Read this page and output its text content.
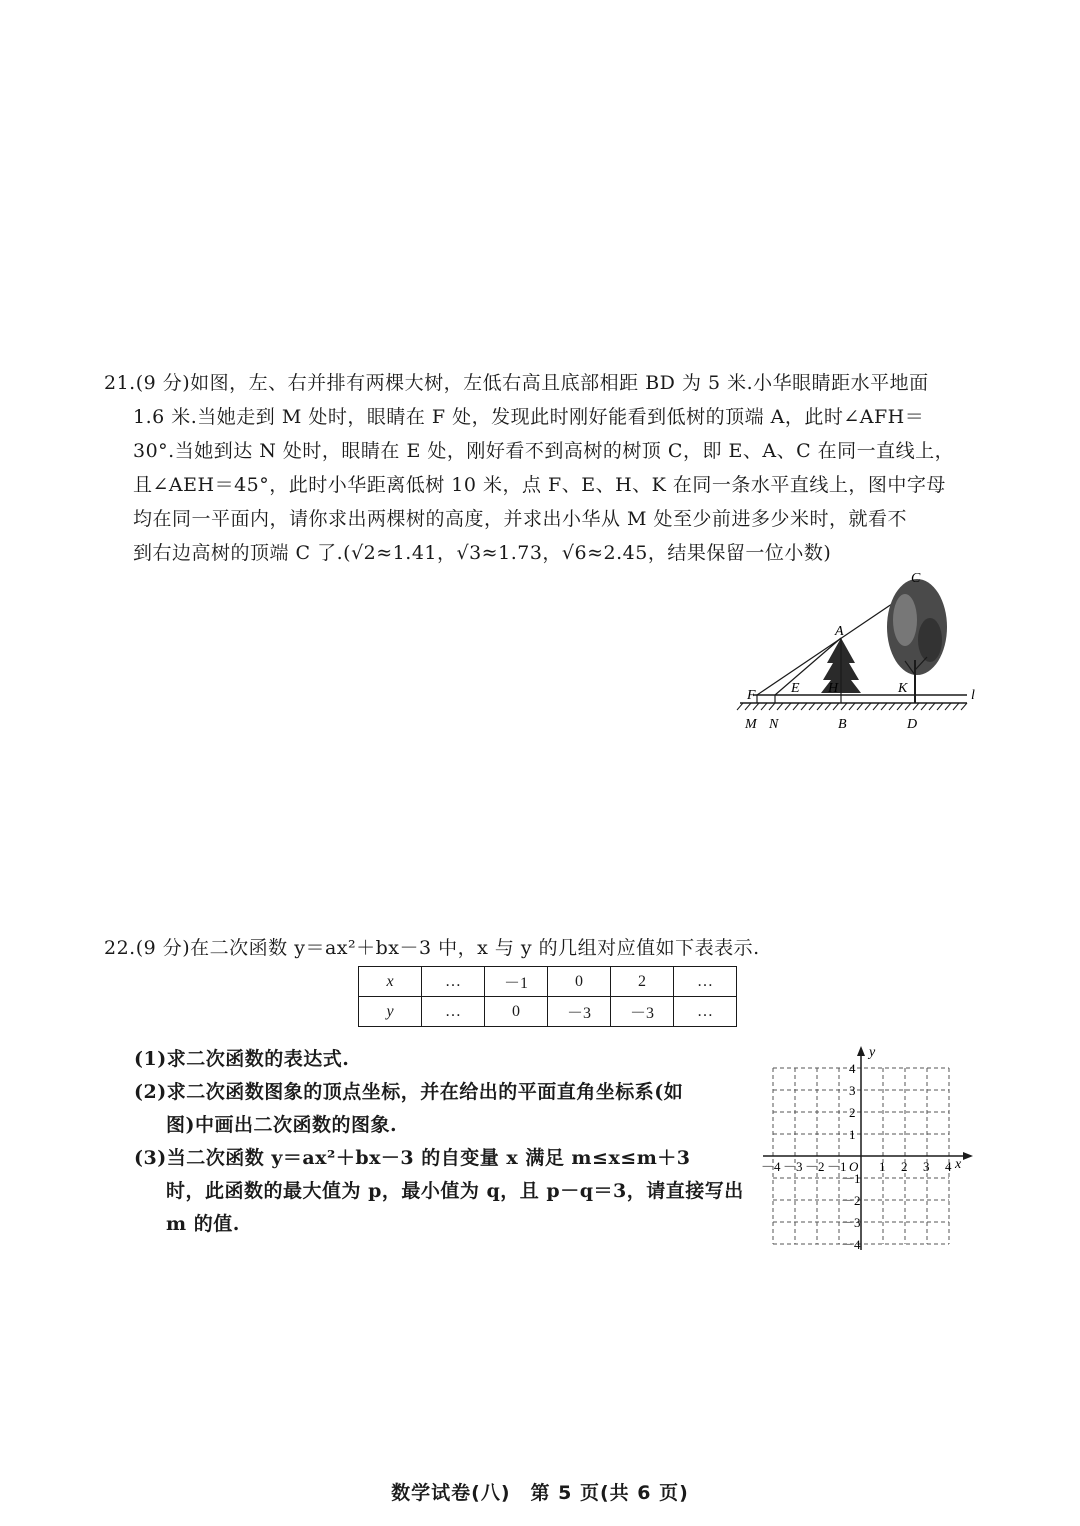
21.(9 分)如图，左、右并排有两棵大树，左低右高且底部相距 BD 为 5 米.小华眼睛距水平地面
1.6 米.当她走到 M 处时，眼睛在 F 处，发现此时刚好能看到低树的顶端 A，此时∠AFH＝
30°.当她到达 N 处时，眼睛在 E 处，刚好看不到高树的树顶 C，即 E、A、C 在同一直线上，
且∠AEH＝45°，此时小华距离低树 10 米，点 F、E、H、K 在同一条水平直线上，图中字母
均在同一平面内，请你求出两棵树的高度，并求出小华从 M 处至少前进多少米时，就看不
到右边高树的顶端 C 了.(√2≈1.41，√3≈1.73，√6≈2.45，结果保留一位小数)
C
A
F	E H	K	l
M N	B	D
22.(9 分)在二次函数 y＝ax²＋bx－3 中，x 与 y 的几组对应值如下表表示.
x	…	－1	0	2	…
y	…	0	－3	－3	…
(1)求二次函数的表达式.
(2)求二次函数图象的顶点坐标，并在给出的平面直角坐标系(如
图)中画出二次函数的图象.
(3)当二次函数 y＝ax²＋bx－3 的自变量 x 满足 m≤x≤m＋3
时，此函数的最大值为 p，最小值为 q，且 p－q＝3，请直接写出
m 的值.
y
x
－4 －3 －2 －1 O 1 2 3 4
4
3
2
1
－1
－2
－3
－4
数学试卷(八)　第 5 页(共 6 页)
